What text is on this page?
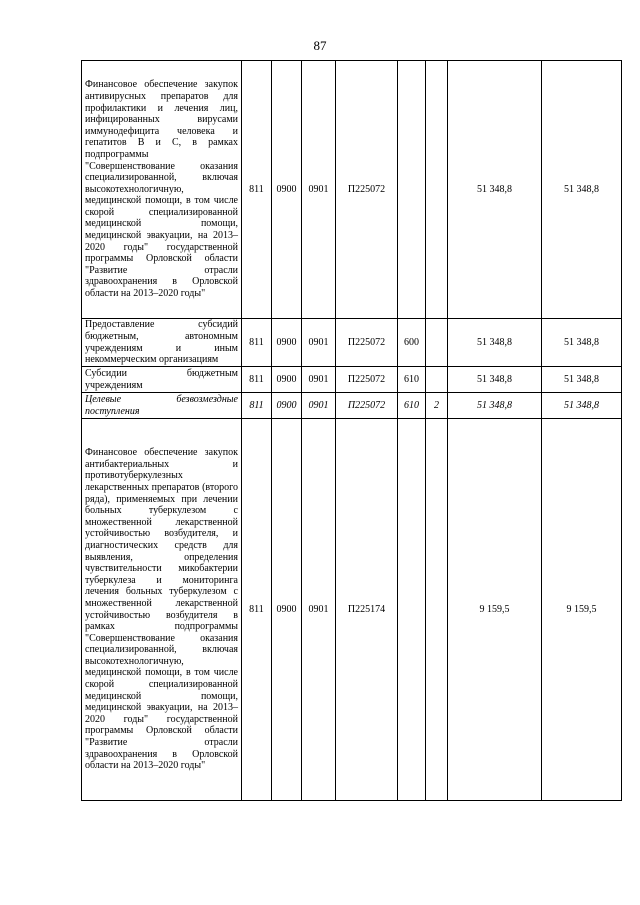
87
Финансовое обеспечение закупок антивирусных препаратов для профилактики и лечения лиц, инфицированных вирусами иммунодефицита человека и гепатитов В и С, в рамках подпрограммы "Совершенствование оказания специализированной, включая высокотехнологичную, медицинской помощи, в том числе скорой специализированной медицинской помощи, медицинской эвакуации, на 2013–2020 годы" государственной программы Орловской области "Развитие отрасли здравоохранения в Орловской области на 2013–2020 годы"	811	0900	0901	П225072			51 348,8	51 348,8
Предоставление субсидий бюджетным, автономным учреждениям и иным некоммерческим организациям	811	0900	0901	П225072	600		51 348,8	51 348,8
Субсидии бюджетным учреждениям	811	0900	0901	П225072	610		51 348,8	51 348,8
Целевые безвозмездные поступления	811	0900	0901	П225072	610	2	51 348,8	51 348,8
Финансовое обеспечение закупок антибактериальных и противотуберкулезных лекарственных препаратов (второго ряда), применяемых при лечении больных туберкулезом с множественной лекарственной устойчивостью возбудителя, и диагностических средств для выявления, определения чувствительности микобактерии туберкулеза и мониторинга лечения больных туберкулезом с множественной лекарственной устойчивостью возбудителя в рамках подпрограммы "Совершенствование оказания специализированной, включая высокотехнологичную, медицинской помощи, в том числе скорой специализированной медицинской помощи, медицинской эвакуации, на 2013–2020 годы" государственной программы Орловской области "Развитие отрасли здравоохранения в Орловской области на 2013–2020 годы"	811	0900	0901	П225174			9 159,5	9 159,5
